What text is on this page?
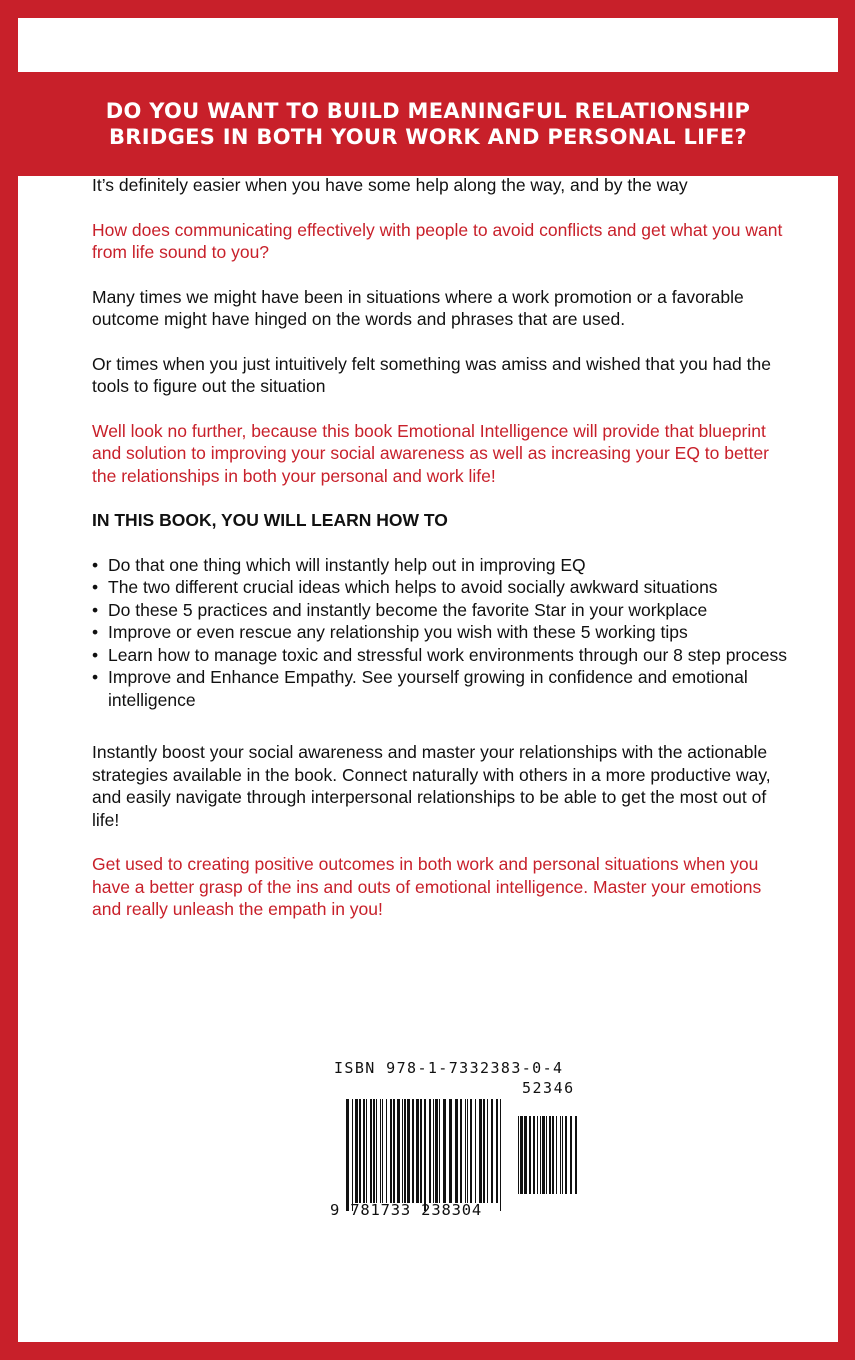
DO YOU WANT TO BUILD MEANINGFUL RELATIONSHIP
BRIDGES IN BOTH YOUR WORK AND PERSONAL LIFE?

It’s definitely easier when you have some help along the way, and by the way

How does communicating effectively with people to avoid conflicts and get what you want from life sound to you?

Many times we might have been in situations where a work promotion or a favorable outcome might have hinged on the words and phrases that are used.

Or times when you just intuitively felt something was amiss and wished that you had the tools to figure out the situation

Well look no further, because this book Emotional Intelligence will provide that blueprint and solution to improving your social awareness as well as increasing your EQ to better the relationships in both your personal and work life!

IN THIS BOOK, YOU WILL LEARN HOW TO

• Do that one thing which will instantly help out in improving EQ
• The two different crucial ideas which helps to avoid socially awkward situations
• Do these 5 practices and instantly become the favorite Star in your workplace
• Improve or even rescue any relationship you wish with these 5 working tips
• Learn how to manage toxic and stressful work environments through our 8 step process
• Improve and Enhance Empathy. See yourself growing in confidence and emotional intelligence

Instantly boost your social awareness and master your relationships with the actionable strategies available in the book. Connect naturally with others in a more productive way, and easily navigate through interpersonal relationships to be able to get the most out of life!

Get used to creating positive outcomes in both work and personal situations when you have a better grasp of the ins and outs of emotional intelligence. Master your emotions and really unleash the empath in you!

ISBN 978-1-7332383-0-4
52346
9 781733 238304
